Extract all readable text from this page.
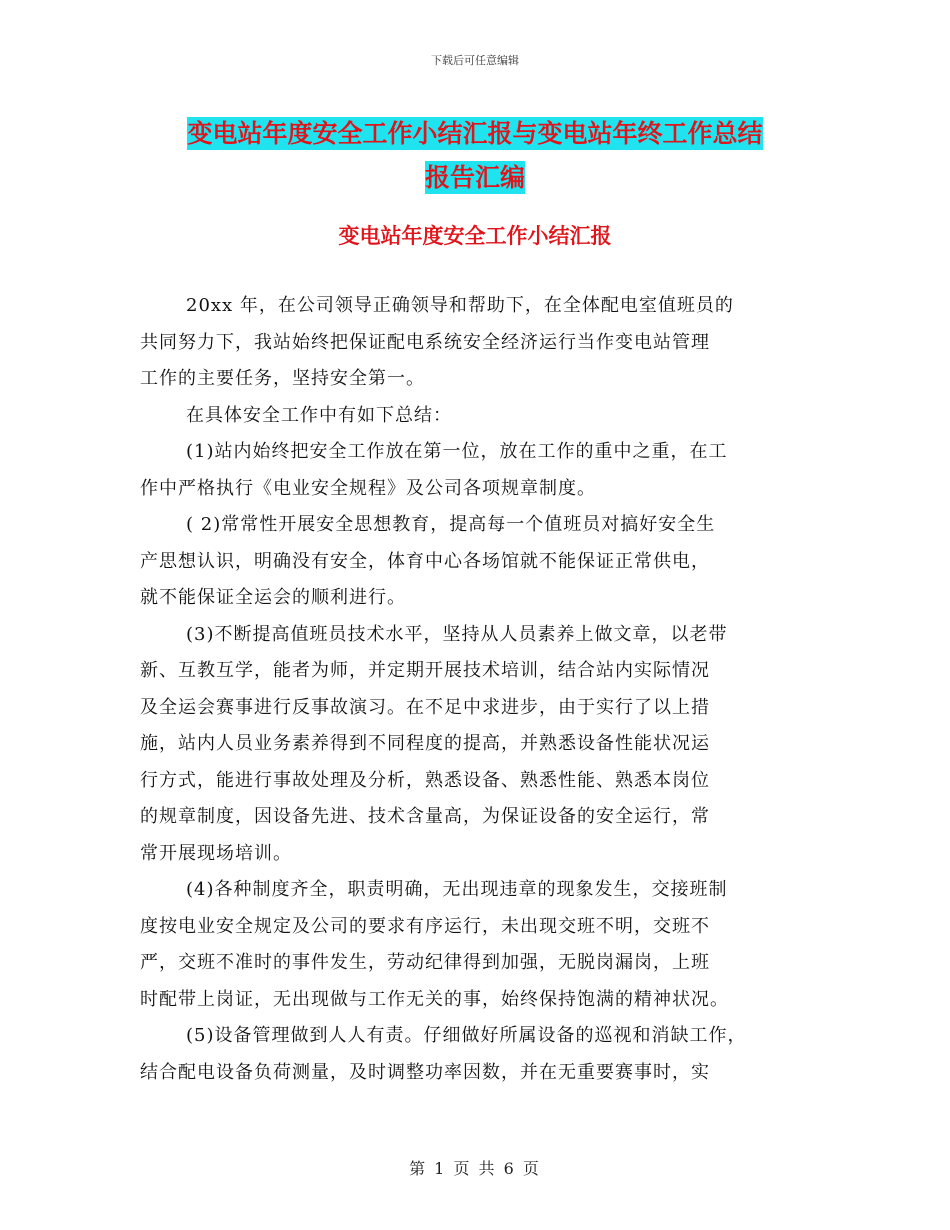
下载后可任意编辑
变电站年度安全工作小结汇报与变电站年终工作总结
报告汇编
变电站年度安全工作小结汇报
20xx 年，在公司领导正确领导和帮助下，在全体配电室值班员的
共同努力下，我站始终把保证配电系统安全经济运行当作变电站管理
工作的主要任务，坚持安全第一。
在具体安全工作中有如下总结：
(1)站内始终把安全工作放在第一位，放在工作的重中之重，在工
作中严格执行《电业安全规程》及公司各项规章制度。
( 2)常常性开展安全思想教育，提高每一个值班员对搞好安全生
产思想认识，明确没有安全，体育中心各场馆就不能保证正常供电，
就不能保证全运会的顺利进行。
(3)不断提高值班员技术水平，坚持从人员素养上做文章，以老带
新、互教互学，能者为师，并定期开展技术培训，结合站内实际情况
及全运会赛事进行反事故演习。在不足中求进步，由于实行了以上措
施，站内人员业务素养得到不同程度的提高，并熟悉设备性能状况运
行方式，能进行事故处理及分析，熟悉设备、熟悉性能、熟悉本岗位
的规章制度，因设备先进、技术含量高，为保证设备的安全运行，常
常开展现场培训。
(4)各种制度齐全，职责明确，无出现违章的现象发生，交接班制
度按电业安全规定及公司的要求有序运行，未出现交班不明，交班不
严，交班不准时的事件发生，劳动纪律得到加强，无脱岗漏岗，上班
时配带上岗证，无出现做与工作无关的事，始终保持饱满的精神状况。
(5)设备管理做到人人有责。仔细做好所属设备的巡视和消缺工作，
结合配电设备负荷测量，及时调整功率因数，并在无重要赛事时，实
第 1 页 共 6 页
